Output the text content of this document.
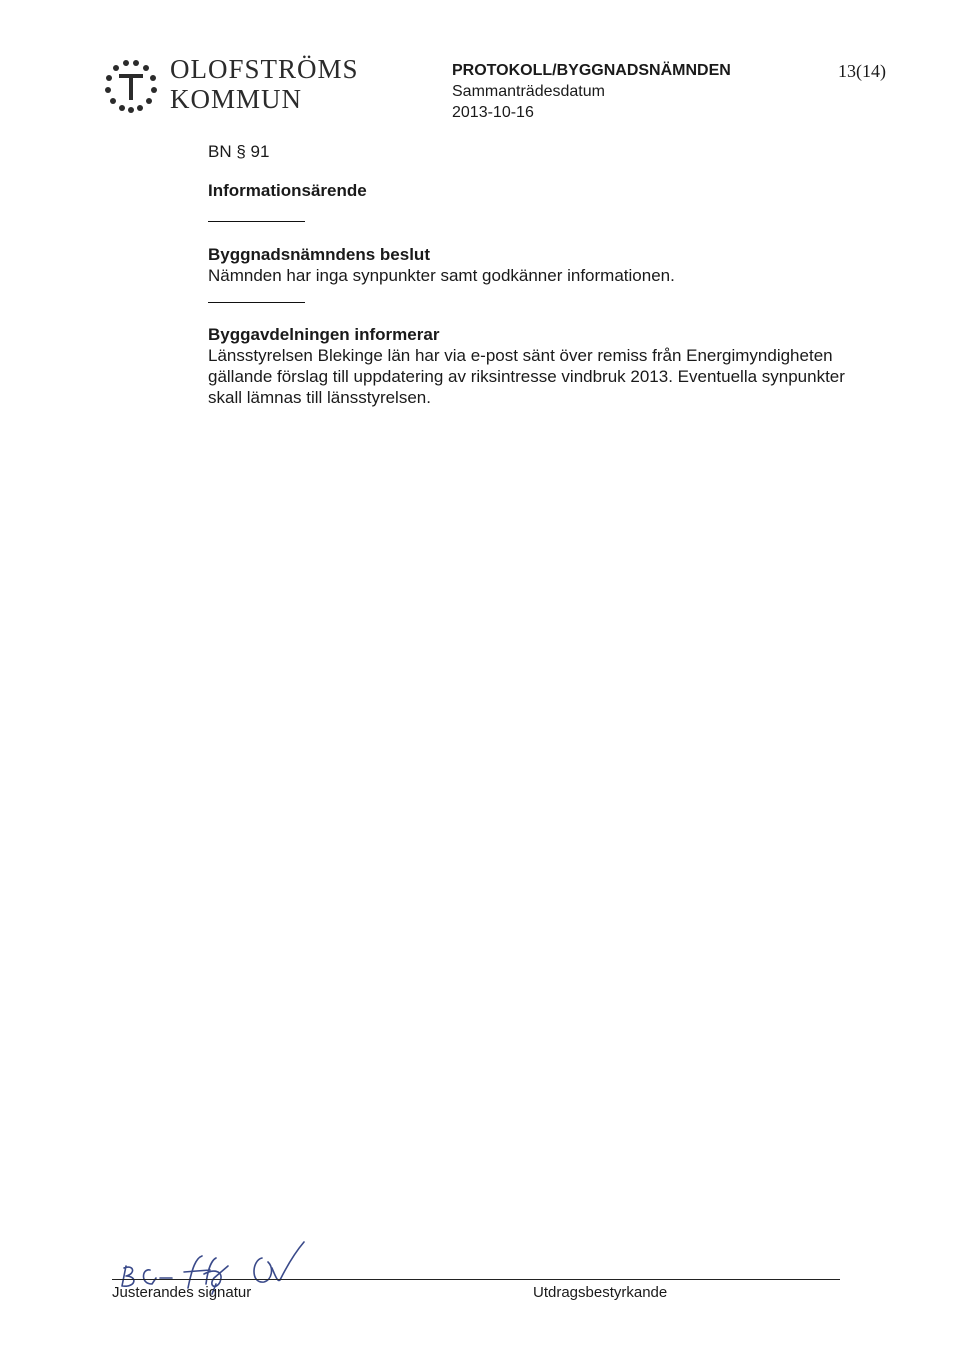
OLOFSTRÖMS
KOMMUN
PROTOKOLL/BYGGNADSNÄMNDEN
Sammanträdesdatum
2013-10-16
13(14)
BN § 91
Informationsärende
Byggnadsnämndens beslut

Nämnden har inga synpunkter samt godkänner informationen.

Byggavdelningen informerar

Länsstyrelsen Blekinge län har via e-post sänt över remiss från Energimyndigheten gällande förslag till uppdatering av riksintresse vindbruk 2013. Eventuella synpunkter skall lämnas till länsstyrelsen.

Justerandes signatur	Utdragsbestyrkande
